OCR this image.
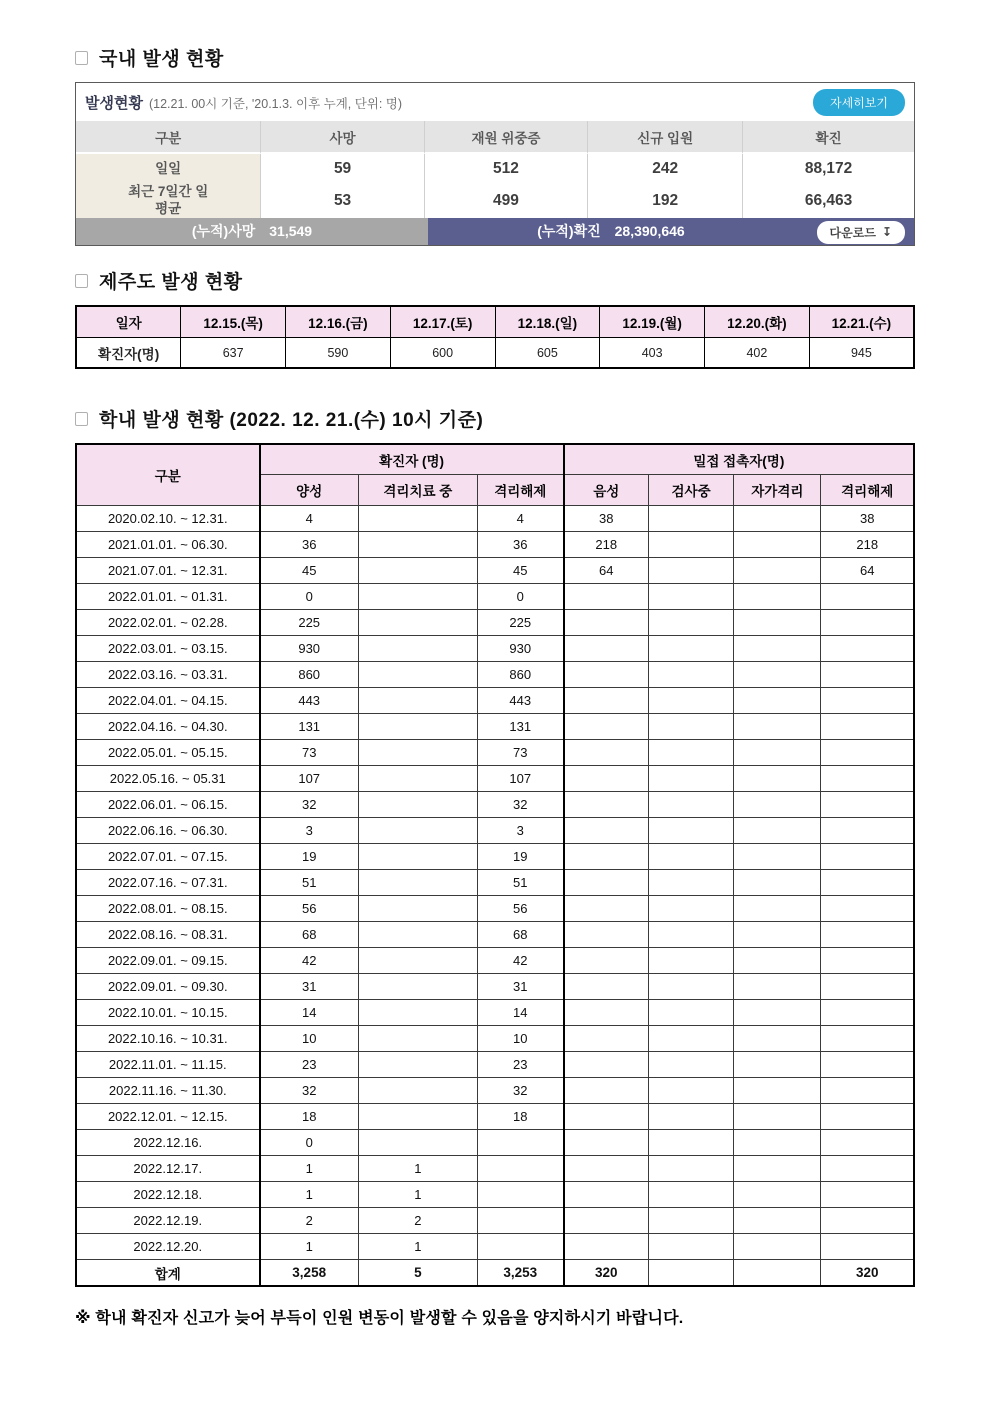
국내 발생 현황
발생현황 (12.21. 00시 기준, '20.1.3. 이후 누계, 단위: 명)	자세히보기
구분	사망	재원 위중증	신규 입원	확진
일일	59	512	242	88,172
최근 7일간 일평균	53	499	192	66,463
(누적)사망 31,549	(누적)확진 28,390,646	다운로드 ↧
제주도 발생 현황
일자	12.15.(목)	12.16.(금)	12.17.(토)	12.18.(일)	12.19.(월)	12.20.(화)	12.21.(수)
확진자(명)	637	590	600	605	403	402	945
학내 발생 현황 (2022. 12. 21.(수) 10시 기준)
구분	확진자 (명)			밀접 접촉자(명)			
	양성	격리치료 중	격리해제	음성	검사중	자가격리	격리해제
2020.02.10. ~ 12.31.	4		4	38			38
2021.01.01. ~ 06.30.	36		36	218			218
2021.07.01. ~ 12.31.	45		45	64			64
2022.01.01. ~ 01.31.	0		0				
2022.02.01. ~ 02.28.	225		225				
2022.03.01. ~ 03.15.	930		930				
2022.03.16. ~ 03.31.	860		860				
2022.04.01. ~ 04.15.	443		443				
2022.04.16. ~ 04.30.	131		131				
2022.05.01. ~ 05.15.	73		73				
2022.05.16. ~ 05.31	107		107				
2022.06.01. ~ 06.15.	32		32				
2022.06.16. ~ 06.30.	3		3				
2022.07.01. ~ 07.15.	19		19				
2022.07.16. ~ 07.31.	51		51				
2022.08.01. ~ 08.15.	56		56				
2022.08.16. ~ 08.31.	68		68				
2022.09.01. ~ 09.15.	42		42				
2022.09.01. ~ 09.30.	31		31				
2022.10.01. ~ 10.15.	14		14				
2022.10.16. ~ 10.31.	10		10				
2022.11.01. ~ 11.15.	23		23				
2022.11.16. ~ 11.30.	32		32				
2022.12.01. ~ 12.15.	18		18				
2022.12.16.	0						
2022.12.17.	1	1					
2022.12.18.	1	1					
2022.12.19.	2	2					
2022.12.20.	1	1					
합계	3,258	5	3,253	320			320
※ 학내 확진자 신고가 늦어 부득이 인원 변동이 발생할 수 있음을 양지하시기 바랍니다.
